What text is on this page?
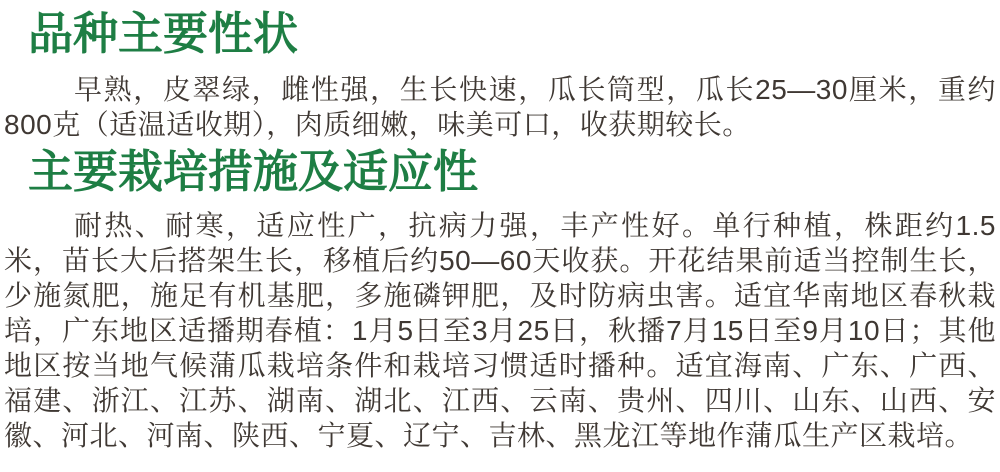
品种主要性状

早熟，皮翠绿，雌性强，生长快速，瓜长筒型，瓜长25—30厘米，重约800克（适温适收期），肉质细嫩，味美可口，收获期较长。

主要栽培措施及适应性

耐热、耐寒，适应性广，抗病力强，丰产性好。单行种植，株距约1.5米，苗长大后搭架生长，移植后约50—60天收获。开花结果前适当控制生长，少施氮肥，施足有机基肥，多施磷钾肥，及时防病虫害。适宜华南地区春秋栽培，广东地区适播期春植：1月5日至3月25日，秋播7月15日至9月10日；其他地区按当地气候蒲瓜栽培条件和栽培习惯适时播种。适宜海南、广东、广西、福建、浙江、江苏、湖南、湖北、江西、云南、贵州、四川、山东、山西、安徽、河北、河南、陕西、宁夏、辽宁、吉林、黑龙江等地作蒲瓜生产区栽培。
